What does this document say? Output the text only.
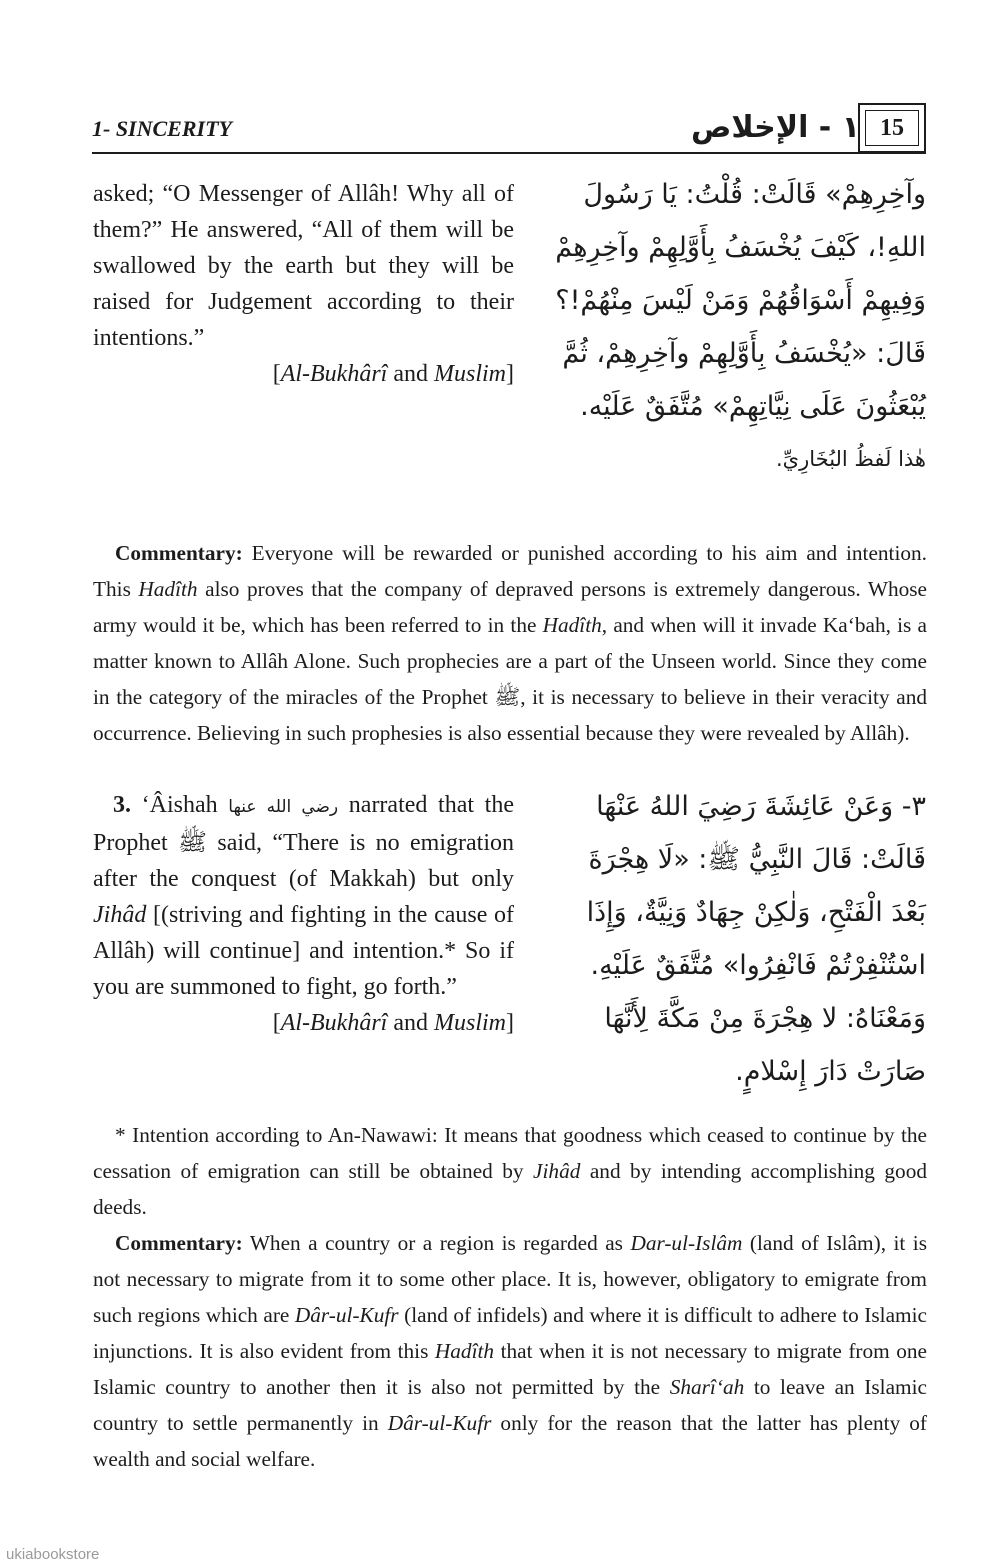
1- SINCERITY	١ - الإخلاص 15

asked; “O Messenger of Allâh! Why all of them?” He answered, “All of them will be swallowed by the earth but they will be raised for Judgement according to their intentions.”

[Al-Bukhârî and Muslim]

وآخِرِهِمْ» قَالَتْ: قُلْتُ: يَا رَسُولَ اللهِ!، كَيْفَ يُخْسَفُ بِأَوَّلِهِمْ وآخِرِهِمْ وَفِيهِمْ أَسْوَاقُهُمْ وَمَنْ لَيْسَ مِنْهُمْ!؟ قَالَ: «يُخْسَفُ بِأَوَّلِهِمْ وآخِرِهِمْ، ثُمَّ يُبْعَثُونَ عَلَى نِيَّاتِهِمْ» مُتَّفَقٌ عَلَيْه.

هٰذا لَفظُ البُخَارِيِّ.

Commentary: Everyone will be rewarded or punished according to his aim and intention. This Hadîth also proves that the company of depraved persons is extremely dangerous. Whose army would it be, which has been referred to in the Hadîth, and when will it invade Ka‘bah, is a matter known to Allâh Alone. Such prophecies are a part of the Unseen world. Since they come in the category of the miracles of the Prophet ﷺ, it is necessary to believe in their veracity and occurrence. Believing in such prophesies is also essential because they were revealed by Allâh).

3. ‘Âishah رضي الله عنها narrated that the Prophet ﷺ said, “There is no emigration after the conquest (of Makkah) but only Jihâd [(striving and fighting in the cause of Allâh) will continue] and intention.* So if you are summoned to fight, go forth.”

[Al-Bukhârî and Muslim]

٣- وَعَنْ عَائِشَةَ رَضِيَ اللهُ عَنْهَا قَالَتْ: قَالَ النَّبِيُّ ﷺ: «لَا هِجْرَةَ بَعْدَ الْفَتْحِ، وَلٰكِنْ جِهَادٌ وَنِيَّةٌ، وَإِذَا اسْتُنْفِرْتُمْ فَانْفِرُوا» مُتَّفَقٌ عَلَيْهِ. وَمَعْنَاهُ: لا هِجْرَةَ مِنْ مَكَّةَ لِأَنَّهَا صَارَتْ دَارَ إِسْلامٍ.

* Intention according to An-Nawawi: It means that goodness which ceased to continue by the cessation of emigration can still be obtained by Jihâd and by intending accomplishing good deeds.

Commentary: When a country or a region is regarded as Dar-ul-Islâm (land of Islâm), it is not necessary to migrate from it to some other place. It is, however, obligatory to emigrate from such regions which are Dâr-ul-Kufr (land of infidels) and where it is difficult to adhere to Islamic injunctions. It is also evident from this Hadîth that when it is not necessary to migrate from one Islamic country to another then it is also not permitted by the Sharî‘ah to leave an Islamic country to settle permanently in Dâr-ul-Kufr only for the reason that the latter has plenty of wealth and social welfare.

ukiabookstore
